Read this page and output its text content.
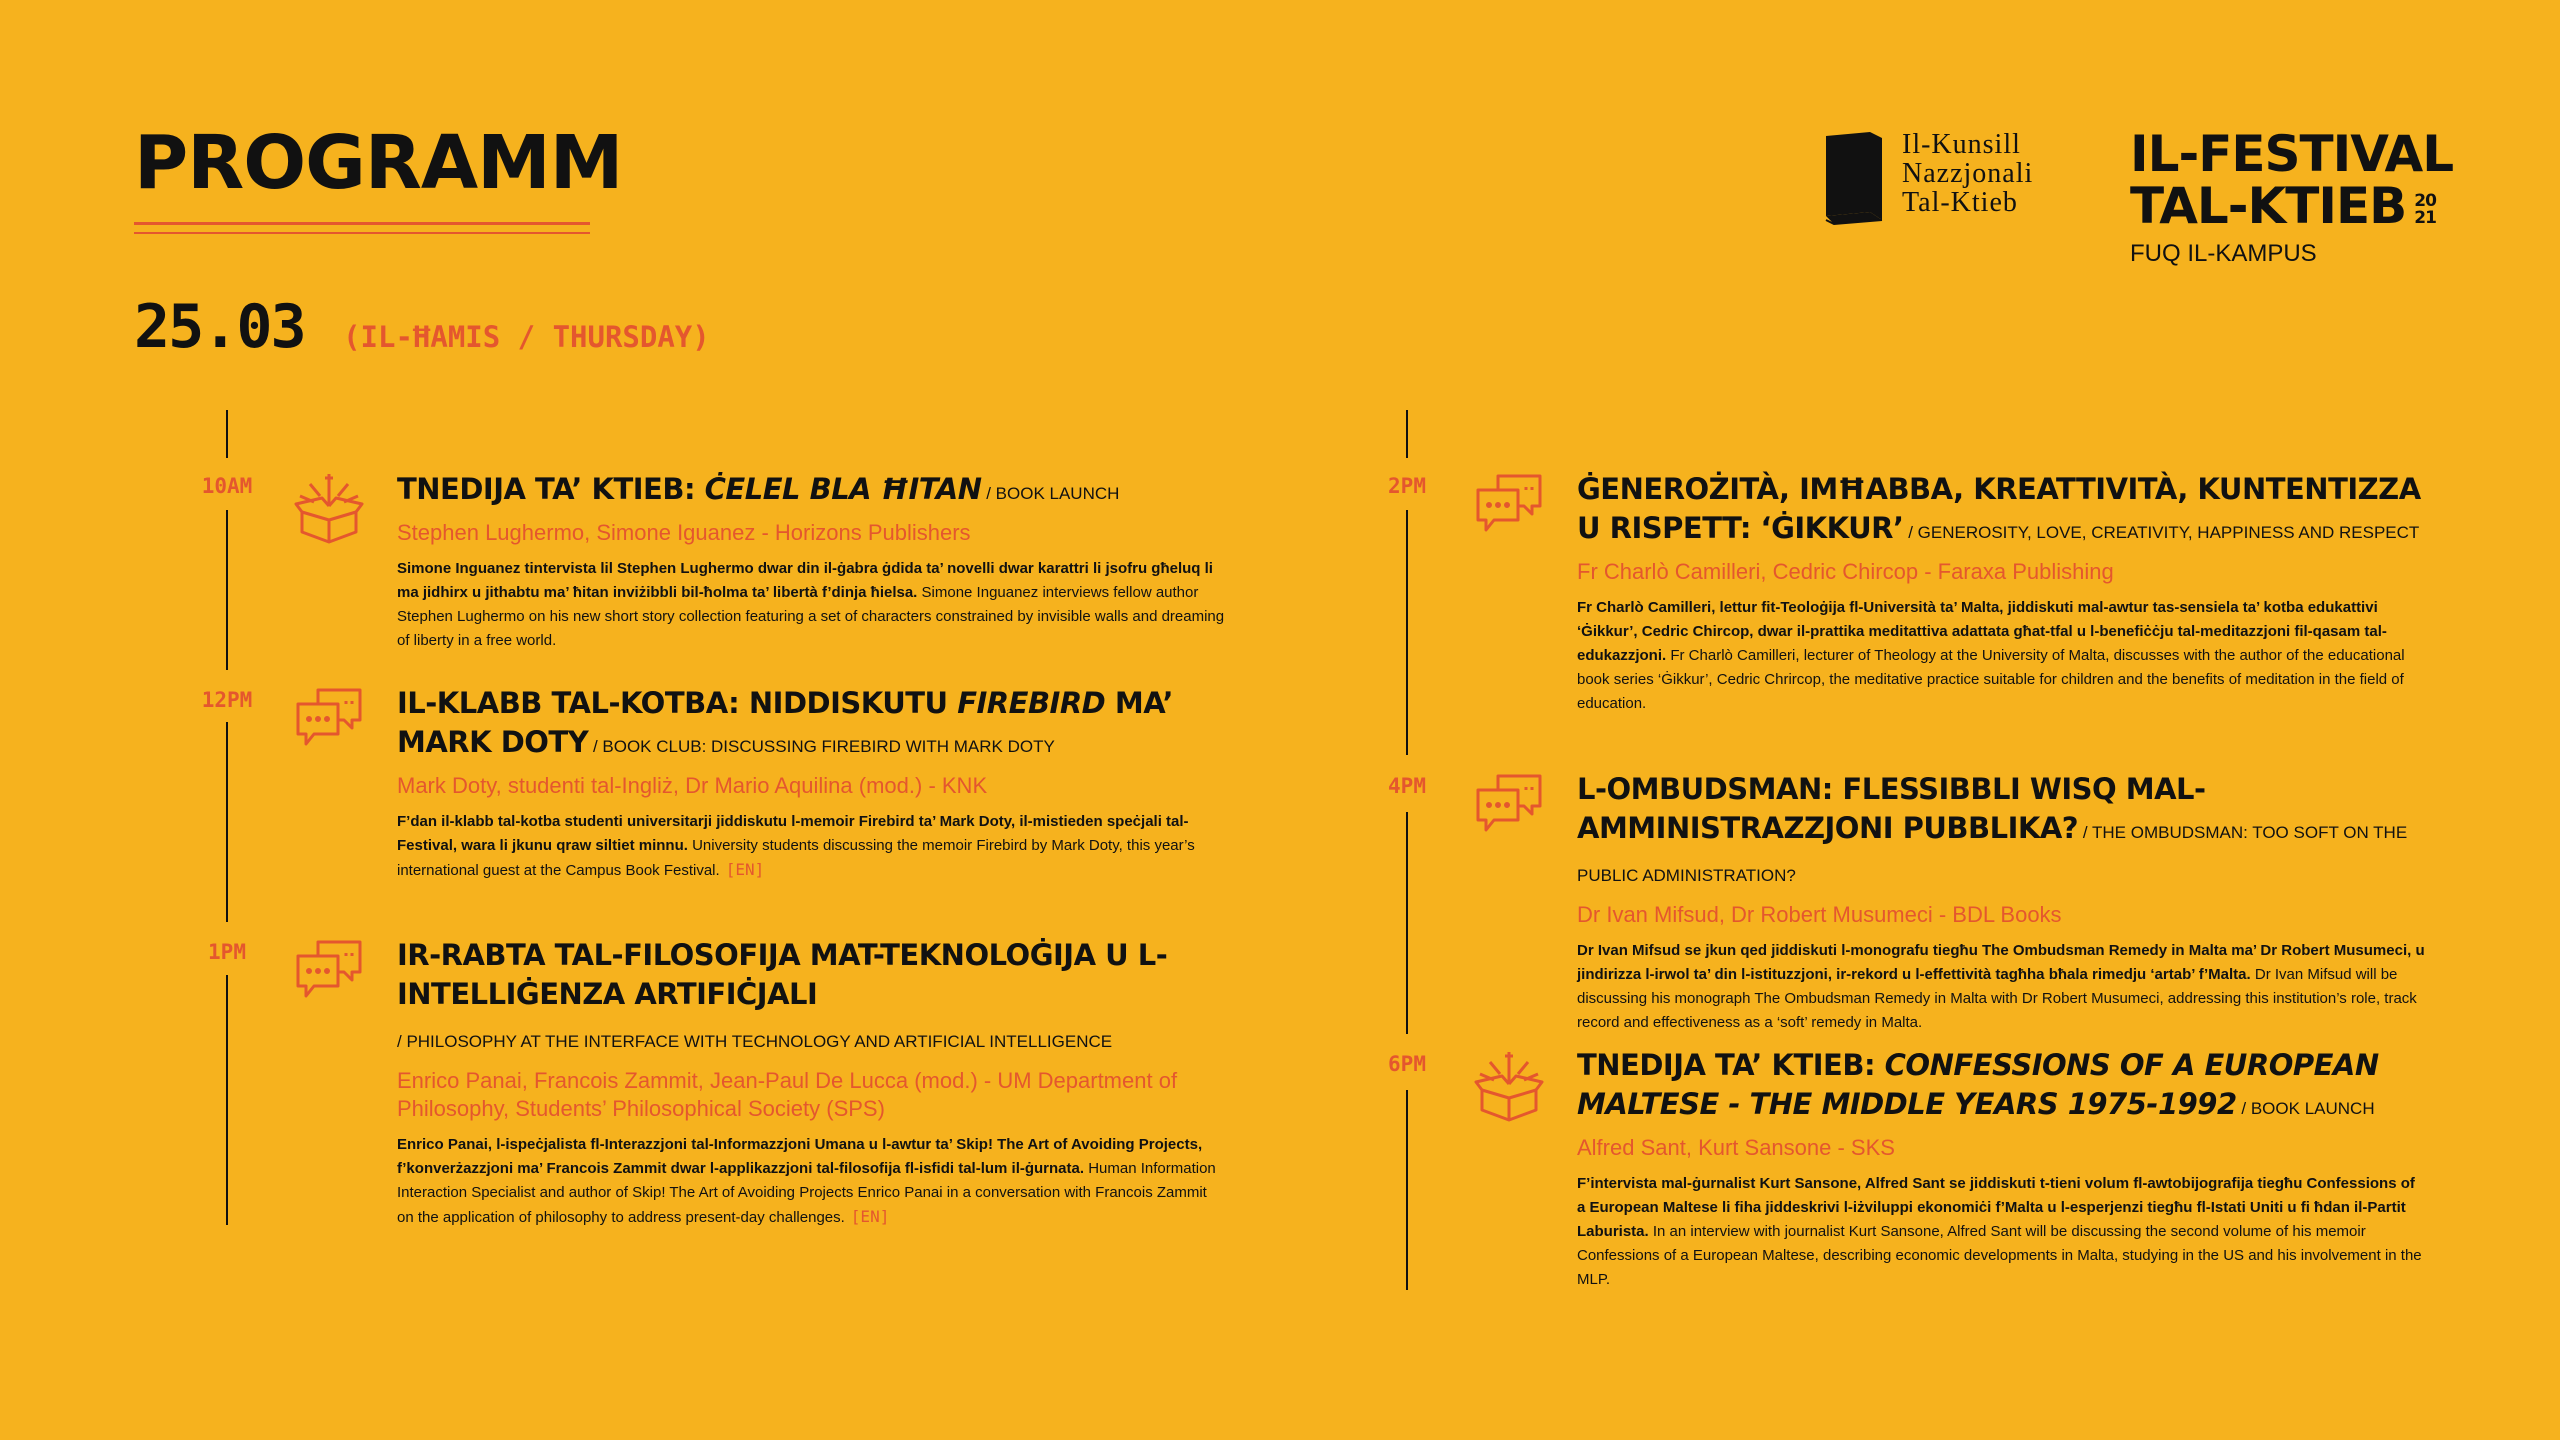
PROGRAMM
25.03 (IL-ĦAMIS / THURSDAY)
Il-Kunsill
Nazzjonali
Tal-Ktieb
IL-FESTIVAL
TAL-KTIEB 20
21
FUQ IL-KAMPUS
10AM
12PM
1PM
2PM
4PM
6PM
TNEDIJA TA’ KTIEB: ĊELEL BLA ĦITAN / BOOK LAUNCH
Stephen Lughermo, Simone Iguanez - Horizons Publishers
Simone Inguanez tintervista lil Stephen Lughermo dwar din il-ġabra ġdida ta’ novelli dwar karattri li jsofru għeluq li ma jidhirx u jithabtu ma’ ħitan inviżibbli bil-ħolma ta’ libertà f’dinja ħielsa. Simone Inguanez interviews fellow author Stephen Lughermo on his new short story collection featuring a set of characters constrained by invisible walls and dreaming of liberty in a free world.
IL-KLABB TAL-KOTBA: NIDDISKUTU FIREBIRD MA’ MARK DOTY / BOOK CLUB: DISCUSSING FIREBIRD WITH MARK DOTY
Mark Doty, studenti tal-Ingliż, Dr Mario Aquilina (mod.) - KNK
F’dan il-klabb tal-kotba studenti universitarji jiddiskutu l-memoir Firebird ta’ Mark Doty, il-mistieden speċjali tal-Festival, wara li jkunu qraw siltiet minnu. University students discussing the memoir Firebird by Mark Doty, this year’s international guest at the Campus Book Festival. [EN]
IR-RABTA TAL-FILOSOFIJA MAT-TEKNOLOĠIJA U L-INTELLIĠENZA ARTIFIĊJALI
/ PHILOSOPHY AT THE INTERFACE WITH TECHNOLOGY AND ARTIFICIAL INTELLIGENCE
Enrico Panai, Francois Zammit, Jean-Paul De Lucca (mod.) - UM Department of Philosophy, Students’ Philosophical Society (SPS)
Enrico Panai, l-ispeċjalista fl-Interazzjoni tal-Informazzjoni Umana u l-awtur ta’ Skip! The Art of Avoiding Projects, f’konverżazzjoni ma’ Francois Zammit dwar l-applikazzjoni tal-filosofija fl-isfidi tal-lum il-ġurnata. Human Information Interaction Specialist and author of Skip! The Art of Avoiding Projects Enrico Panai in a conversation with Francois Zammit on the application of philosophy to address present-day challenges. [EN]
ĠENEROŻITÀ, IMĦABBA, KREATTIVITÀ, KUNTENTIZZA U RISPETT: ‘ĠIKKUR’ / GENEROSITY, LOVE, CREATIVITY, HAPPINESS AND RESPECT
Fr Charlò Camilleri, Cedric Chircop - Faraxa Publishing
Fr Charlò Camilleri, lettur fit-Teoloġija fl-Università ta’ Malta, jiddiskuti mal-awtur tas-sensiela ta’ kotba edukattivi ‘Ġikkur’, Cedric Chircop, dwar il-prattika meditattiva adattata għat-tfal u l-benefiċċju tal-meditazzjoni fil-qasam tal-edukazzjoni. Fr Charlò Camilleri, lecturer of Theology at the University of Malta, discusses with the author of the educational book series ‘Ġikkur’, Cedric Chrircop, the meditative practice suitable for children and the benefits of meditation in the field of education.
L-OMBUDSMAN: FLESSIBBLI WISQ MAL-AMMINISTRAZZJONI PUBBLIKA? / THE OMBUDSMAN: TOO SOFT ON THE PUBLIC ADMINISTRATION?
Dr Ivan Mifsud, Dr Robert Musumeci - BDL Books
Dr Ivan Mifsud se jkun qed jiddiskuti l-monografu tiegħu The Ombudsman Remedy in Malta ma’ Dr Robert Musumeci, u jindirizza l-irwol ta’ din l-istituzzjoni, ir-rekord u l-effettività tagħha bħala rimedju ‘artab’ f’Malta. Dr Ivan Mifsud will be discussing his monograph The Ombudsman Remedy in Malta with Dr Robert Musumeci, addressing this institution’s role, track record and effectiveness as a ‘soft’ remedy in Malta.
TNEDIJA TA’ KTIEB: CONFESSIONS OF A EUROPEAN MALTESE - THE MIDDLE YEARS 1975-1992 / BOOK LAUNCH
Alfred Sant, Kurt Sansone - SKS
F’intervista mal-ġurnalist Kurt Sansone, Alfred Sant se jiddiskuti t-tieni volum fl-awtobijografija tiegħu Confessions of a European Maltese li fiha jiddeskrivi l-iżviluppi ekonomiċi f’Malta u l-esperjenzi tiegħu fl-Istati Uniti u fi ħdan il-Partit Laburista. In an interview with journalist Kurt Sansone, Alfred Sant will be discussing the second volume of his memoir Confessions of a European Maltese, describing economic developments in Malta, studying in the US and his involvement in the MLP.
